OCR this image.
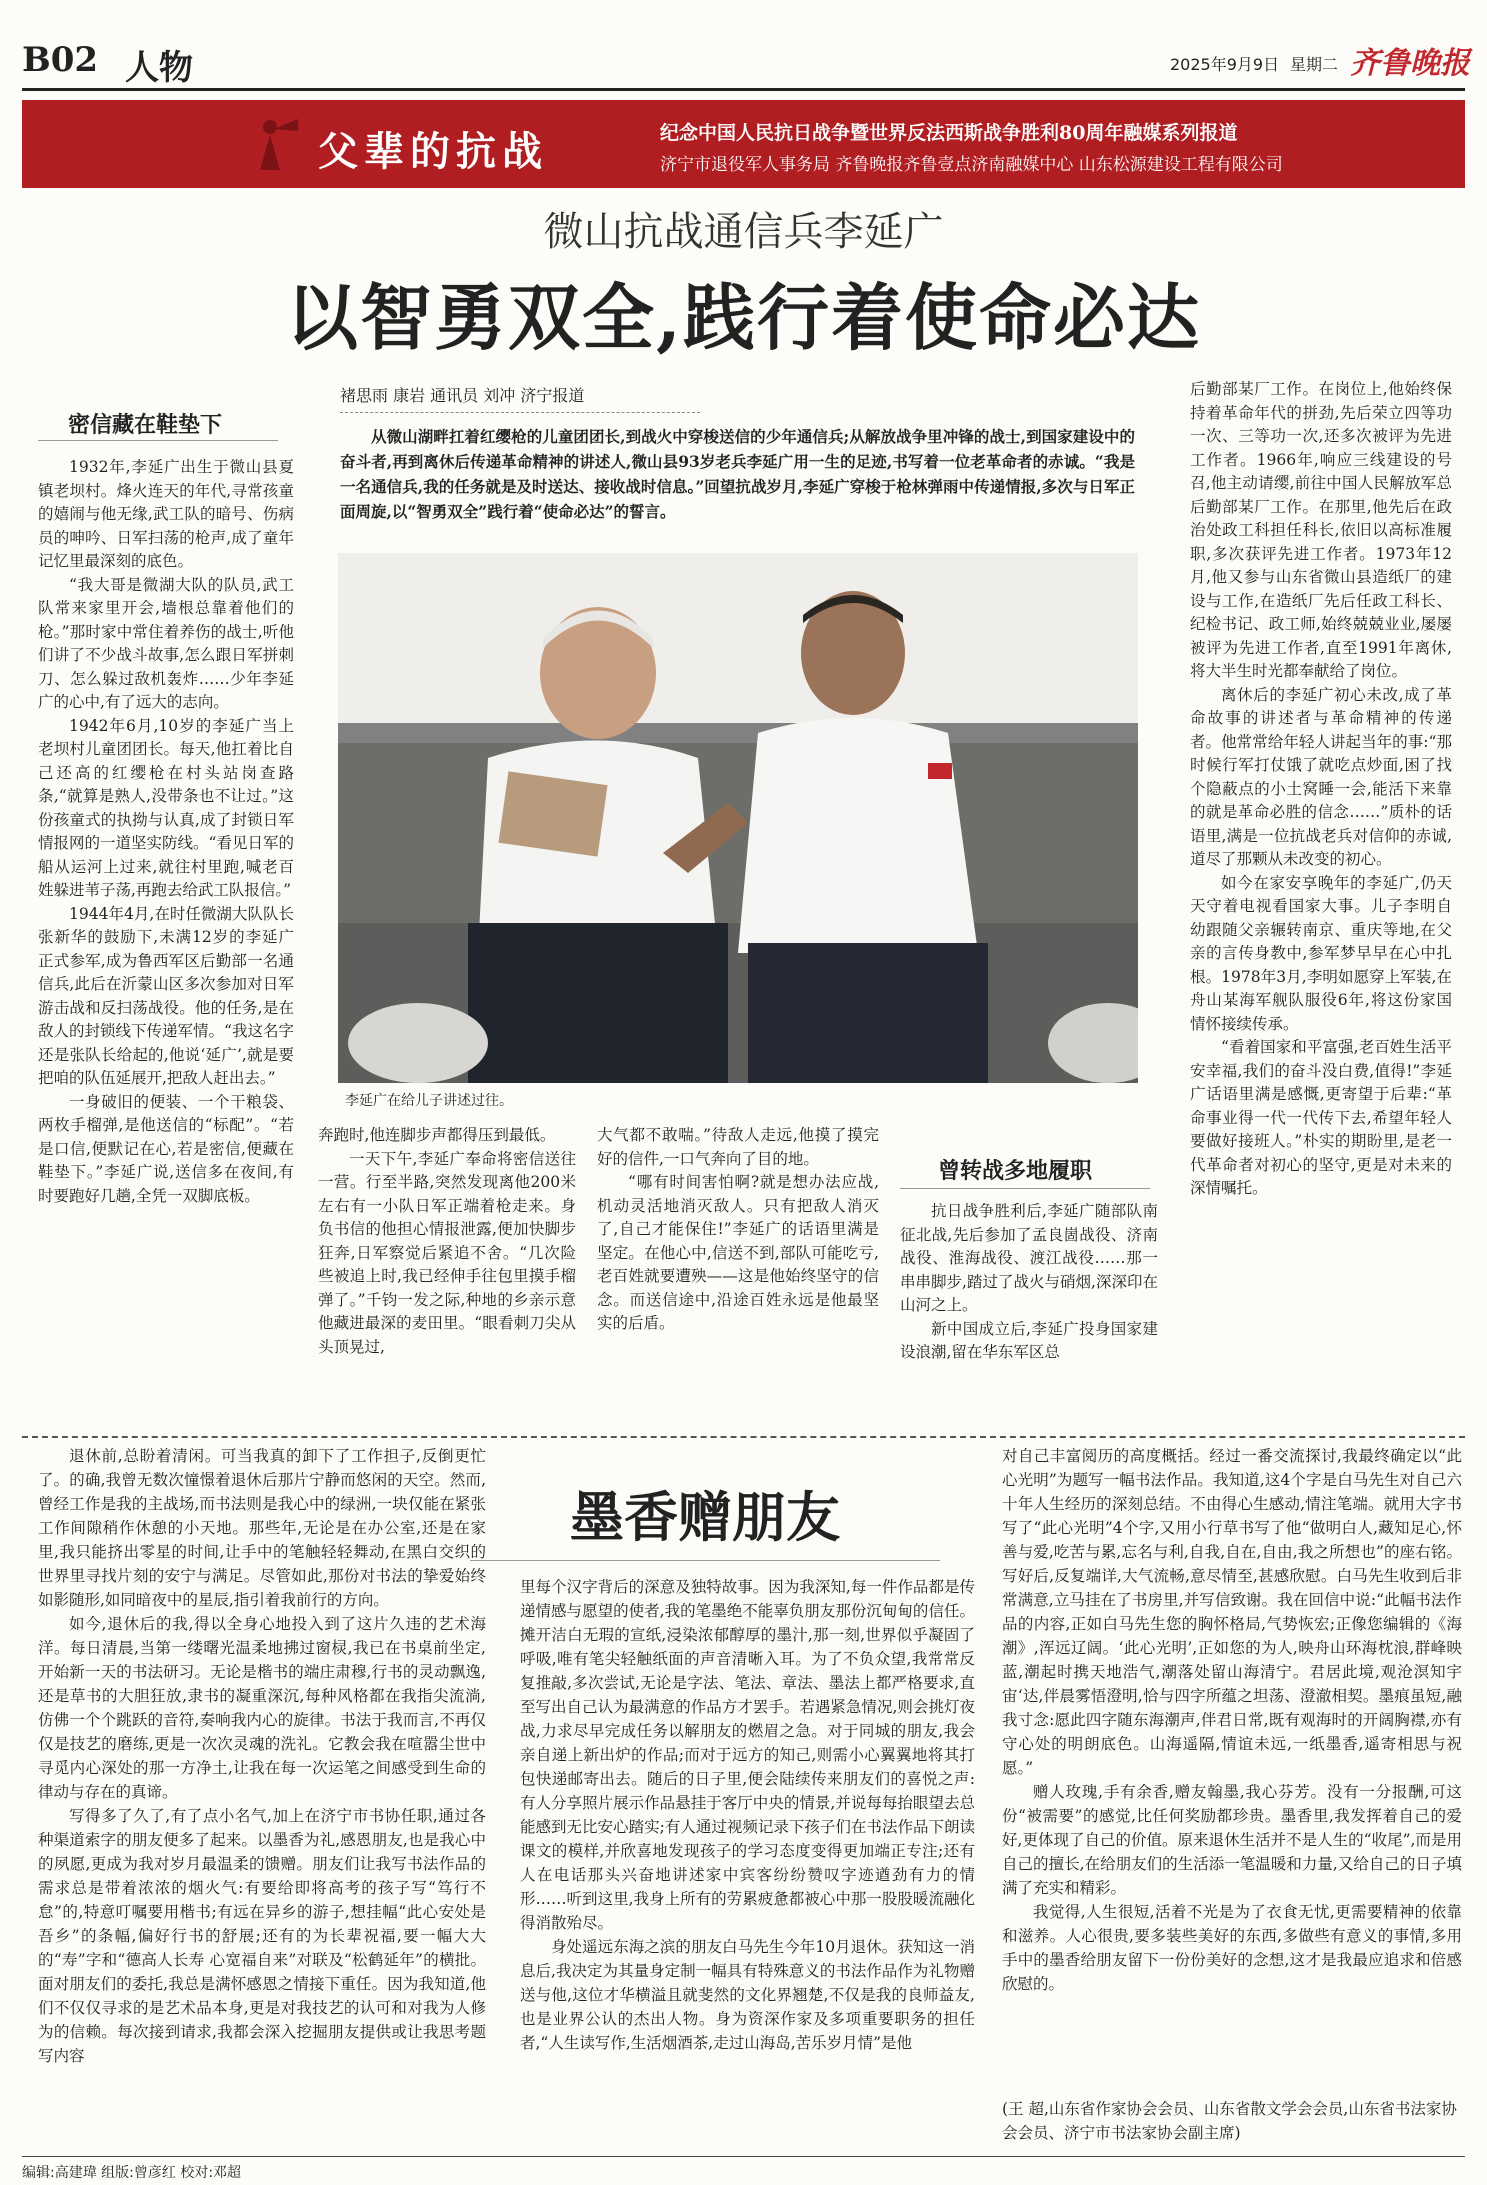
B02 人物	2025年9月9日 星期二 齐鲁晚报
父辈的抗战	纪念中国人民抗日战争暨世界反法西斯战争胜利80周年融媒系列报道
济宁市退役军人事务局 齐鲁晚报齐鲁壹点济南融媒中心 山东松源建设工程有限公司
微山抗战通信兵李延广
以智勇双全,践行着使命必达
褚思雨 康岩 通讯员 刘冲 济宁报道
从微山湖畔扛着红缨枪的儿童团团长,到战火中穿梭送信的少年通信兵;从解放战争里冲锋的战士,到国家建设中的奋斗者,再到离休后传递革命精神的讲述人,微山县93岁老兵李延广用一生的足迹,书写着一位老革命者的赤诚。“我是一名通信兵,我的任务就是及时送达、接收战时信息。”回望抗战岁月,李延广穿梭于枪林弹雨中传递情报,多次与日军正面周旋,以“智勇双全”践行着“使命必达”的誓言。
李延广在给儿子讲述过往。
密信藏在鞋垫下

1932年,李延广出生于微山县夏镇老坝村。烽火连天的年代,寻常孩童的嬉闹与他无缘,武工队的暗号、伤病员的呻吟、日军扫荡的枪声,成了童年记忆里最深刻的底色。

“我大哥是微湖大队的队员,武工队常来家里开会,墙根总靠着他们的枪。”那时家中常住着养伤的战士,听他们讲了不少战斗故事,怎么跟日军拼刺刀、怎么躲过敌机轰炸……少年李延广的心中,有了远大的志向。

1942年6月,10岁的李延广当上老坝村儿童团团长。每天,他扛着比自己还高的红缨枪在村头站岗查路条,“就算是熟人,没带条也不让过。”这份孩童式的执拗与认真,成了封锁日军情报网的一道坚实防线。“看见日军的船从运河上过来,就往村里跑,喊老百姓躲进苇子荡,再跑去给武工队报信。”

1944年4月,在时任微湖大队队长张新华的鼓励下,未满12岁的李延广正式参军,成为鲁西军区后勤部一名通信兵,此后在沂蒙山区多次参加对日军游击战和反扫荡战役。他的任务,是在敌人的封锁线下传递军情。“我这名字还是张队长给起的,他说‘延广’,就是要把咱的队伍延展开,把敌人赶出去。”

一身破旧的便装、一个干粮袋、两枚手榴弹,是他送信的“标配”。“若是口信,便默记在心,若是密信,便藏在鞋垫下。”李延广说,送信多在夜间,有时要跑好几趟,全凭一双脚底板。

奔跑时,他连脚步声都得压到最低。

一天下午,李延广奉命将密信送往一营。行至半路,突然发现离他200米左右有一小队日军正端着枪走来。身负书信的他担心情报泄露,便加快脚步狂奔,日军察觉后紧追不舍。“几次险些被追上时,我已经伸手往包里摸手榴弹了。”千钧一发之际,种地的乡亲示意他藏进最深的麦田里。“眼看刺刀尖从头顶晃过,

大气都不敢喘。”待敌人走远,他摸了摸完好的信件,一口气奔向了目的地。

“哪有时间害怕啊?就是想办法应战,机动灵活地消灭敌人。只有把敌人消灭了,自己才能保住!”李延广的话语里满是坚定。在他心中,信送不到,部队可能吃亏,老百姓就要遭殃——这是他始终坚守的信念。而送信途中,沿途百姓永远是他最坚实的后盾。

曾转战多地履职

抗日战争胜利后,李延广随部队南征北战,先后参加了孟良崮战役、济南战役、淮海战役、渡江战役……那一串串脚步,踏过了战火与硝烟,深深印在山河之上。

新中国成立后,李延广投身国家建设浪潮,留在华东军区总

后勤部某厂工作。在岗位上,他始终保持着革命年代的拼劲,先后荣立四等功一次、三等功一次,还多次被评为先进工作者。1966年,响应三线建设的号召,他主动请缨,前往中国人民解放军总后勤部某厂工作。在那里,他先后在政治处政工科担任科长,依旧以高标准履职,多次获评先进工作者。1973年12月,他又参与山东省微山县造纸厂的建设与工作,在造纸厂先后任政工科长、纪检书记、政工师,始终兢兢业业,屡屡被评为先进工作者,直至1991年离休,将大半生时光都奉献给了岗位。

离休后的李延广初心未改,成了革命故事的讲述者与革命精神的传递者。他常常给年轻人讲起当年的事:“那时候行军打仗饿了就吃点炒面,困了找个隐蔽点的小土窝睡一会,能活下来靠的就是革命必胜的信念……”质朴的话语里,满是一位抗战老兵对信仰的赤诚,道尽了那颗从未改变的初心。

如今在家安享晚年的李延广,仍天天守着电视看国家大事。儿子李明自幼跟随父亲辗转南京、重庆等地,在父亲的言传身教中,参军梦早早在心中扎根。1978年3月,李明如愿穿上军装,在舟山某海军舰队服役6年,将这份家国情怀接续传承。

“看着国家和平富强,老百姓生活平安幸福,我们的奋斗没白费,值得!”李延广话语里满是感慨,更寄望于后辈:“革命事业得一代一代传下去,希望年轻人要做好接班人。”朴实的期盼里,是老一代革命者对初心的坚守,更是对未来的深情嘱托。

墨香赠朋友

退休前,总盼着清闲。可当我真的卸下了工作担子,反倒更忙了。的确,我曾无数次憧憬着退休后那片宁静而悠闲的天空。然而,曾经工作是我的主战场,而书法则是我心中的绿洲,一块仅能在紧张工作间隙稍作休憩的小天地。那些年,无论是在办公室,还是在家里,我只能挤出零星的时间,让手中的笔触轻轻舞动,在黑白交织的世界里寻找片刻的安宁与满足。尽管如此,那份对书法的挚爱始终如影随形,如同暗夜中的星辰,指引着我前行的方向。

如今,退休后的我,得以全身心地投入到了这片久违的艺术海洋。每日清晨,当第一缕曙光温柔地拂过窗棂,我已在书桌前坐定,开始新一天的书法研习。无论是楷书的端庄肃穆,行书的灵动飘逸,还是草书的大胆狂放,隶书的凝重深沉,每种风格都在我指尖流淌,仿佛一个个跳跃的音符,奏响我内心的旋律。书法于我而言,不再仅仅是技艺的磨练,更是一次次灵魂的洗礼。它教会我在喧嚣尘世中寻觅内心深处的那一方净土,让我在每一次运笔之间感受到生命的律动与存在的真谛。

写得多了久了,有了点小名气,加上在济宁市书协任职,通过各种渠道索字的朋友便多了起来。以墨香为礼,感恩朋友,也是我心中的夙愿,更成为我对岁月最温柔的馈赠。朋友们让我写书法作品的需求总是带着浓浓的烟火气:有要给即将高考的孩子写“笃行不怠”的,特意叮嘱要用楷书;有远在异乡的游子,想挂幅“此心安处是吾乡”的条幅,偏好行书的舒展;还有的为长辈祝福,要一幅大大的“寿”字和“德高人长寿 心宽福自来”对联及“松鹤延年”的横批。面对朋友们的委托,我总是满怀感恩之情接下重任。因为我知道,他们不仅仅寻求的是艺术品本身,更是对我技艺的认可和对我为人修为的信赖。每次接到请求,我都会深入挖掘朋友提供或让我思考题写内容

里每个汉字背后的深意及独特故事。因为我深知,每一件作品都是传递情感与愿望的使者,我的笔墨绝不能辜负朋友那份沉甸甸的信任。摊开洁白无瑕的宣纸,浸染浓郁醇厚的墨汁,那一刻,世界似乎凝固了呼吸,唯有笔尖轻触纸面的声音清晰入耳。为了不负众望,我常常反复推敲,多次尝试,无论是字法、笔法、章法、墨法上都严格要求,直至写出自己认为最满意的作品方才罢手。若遇紧急情况,则会挑灯夜战,力求尽早完成任务以解朋友的燃眉之急。对于同城的朋友,我会亲自递上新出炉的作品;而对于远方的知己,则需小心翼翼地将其打包快递邮寄出去。随后的日子里,便会陆续传来朋友们的喜悦之声:有人分享照片展示作品悬挂于客厅中央的情景,并说每每抬眼望去总能感到无比安心踏实;有人通过视频记录下孩子们在书法作品下朗读课文的模样,并欣喜地发现孩子的学习态度变得更加端正专注;还有人在电话那头兴奋地讲述家中宾客纷纷赞叹字迹遒劲有力的情形……听到这里,我身上所有的劳累疲惫都被心中那一股股暖流融化得消散殆尽。

身处遥远东海之滨的朋友白马先生今年10月退休。获知这一消息后,我决定为其量身定制一幅具有特殊意义的书法作品作为礼物赠送与他,这位才华横溢且就斐然的文化界翘楚,不仅是我的良师益友,也是业界公认的杰出人物。身为资深作家及多项重要职务的担任者,“人生读写作,生活烟酒茶,走过山海岛,苦乐岁月情”是他

对自己丰富阅历的高度概括。经过一番交流探讨,我最终确定以“此心光明”为题写一幅书法作品。我知道,这4个字是白马先生对自己六十年人生经历的深刻总结。不由得心生感动,情注笔端。就用大字书写了“此心光明”4个字,又用小行草书写了他“做明白人,藏知足心,怀善与爱,吃苦与累,忘名与利,自我,自在,自由,我之所想也”的座右铭。写好后,反复端详,大气流畅,意尽情至,甚感欣慰。白马先生收到后非常满意,立马挂在了书房里,并写信致谢。我在回信中说:“此幅书法作品的内容,正如白马先生您的胸怀格局,气势恢宏;正像您编辑的《海潮》,浑远辽阔。‘此心光明’,正如您的为人,映舟山环海枕浪,群峰映蓝,潮起时携天地浩气,潮落处留山海清宁。君居此境,观沧溟知宇宙‘达,伴晨雾悟澄明,恰与四字所蕴之坦荡、澄澈相契。墨痕虽短,融我寸念:愿此四字随东海潮声,伴君日常,既有观海时的开阔胸襟,亦有守心处的明朗底色。山海遥隔,情谊未远,一纸墨香,遥寄相思与祝愿。”

赠人玫瑰,手有余香,赠友翰墨,我心芬芳。没有一分报酬,可这份“被需要”的感觉,比任何奖励都珍贵。墨香里,我发挥着自己的爱好,更体现了自己的价值。原来退休生活并不是人生的“收尾”,而是用自己的擅长,在给朋友们的生活添一笔温暖和力量,又给自己的日子填满了充实和精彩。

我觉得,人生很短,活着不光是为了衣食无忧,更需要精神的依靠和滋养。人心很贵,要多装些美好的东西,多做些有意义的事情,多用手中的墨香给朋友留下一份份美好的念想,这才是我最应追求和倍感欣慰的。

(王 超,山东省作家协会会员、山东省散文学会会员,山东省书法家协会会员、济宁市书法家协会副主席)
编辑:高建瑋 组版:曾彦红 校对:邓超
